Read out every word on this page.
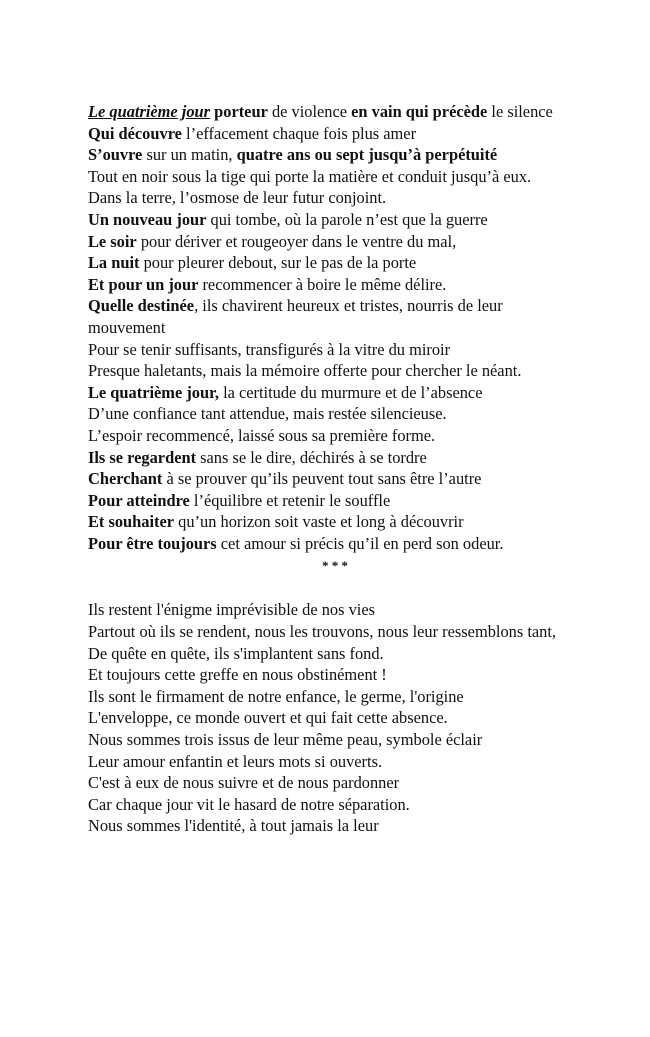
Le quatrième jour porteur de violence en vain qui précède le silence
Qui découvre l’effacement chaque fois plus amer
S’ouvre sur un matin, quatre ans ou sept jusqu’à perpétuité
Tout en noir sous la tige qui porte la matière et conduit jusqu’à eux.
Dans la terre, l’osmose de leur futur conjoint.
Un nouveau jour qui tombe, où la parole n’est que la guerre
Le soir pour dériver et rougeoyer dans le ventre du mal,
La nuit pour pleurer debout, sur le pas de la porte
Et pour un jour recommencer à boire le même délire.
Quelle destinée, ils chavirent heureux et tristes, nourris de leur mouvement
Pour se tenir suffisants, transfigurés à la vitre du miroir
Presque haletants, mais la mémoire offerte pour chercher le néant.
Le quatrième jour, la certitude du murmure et de l’absence
D’une confiance tant attendue, mais restée silencieuse.
L’espoir recommencé, laissé sous sa première forme.
Ils se regardent sans se le dire, déchirés à se tordre
Cherchant à se prouver qu’ils peuvent tout sans être l’autre
Pour atteindre l’équilibre et retenir le souffle
Et souhaiter qu’un horizon soit vaste et long à découvrir
Pour être toujours cet amour si précis qu’il en perd son odeur.
* * *
Ils restent l'énigme imprévisible de nos vies
Partout où ils se rendent, nous les trouvons, nous leur ressemblons tant,
De quête en quête, ils s'implantent sans fond.
Et toujours cette greffe en nous obstinément !
Ils sont le firmament de notre enfance, le germe, l'origine
L'enveloppe, ce monde ouvert et qui fait cette absence.
Nous sommes trois issus de leur même peau, symbole éclair
Leur amour enfantin et leurs mots si ouverts.
C'est à eux de nous suivre et de nous pardonner
Car chaque jour vit le hasard de notre séparation.
Nous sommes l'identité, à tout jamais la leur
